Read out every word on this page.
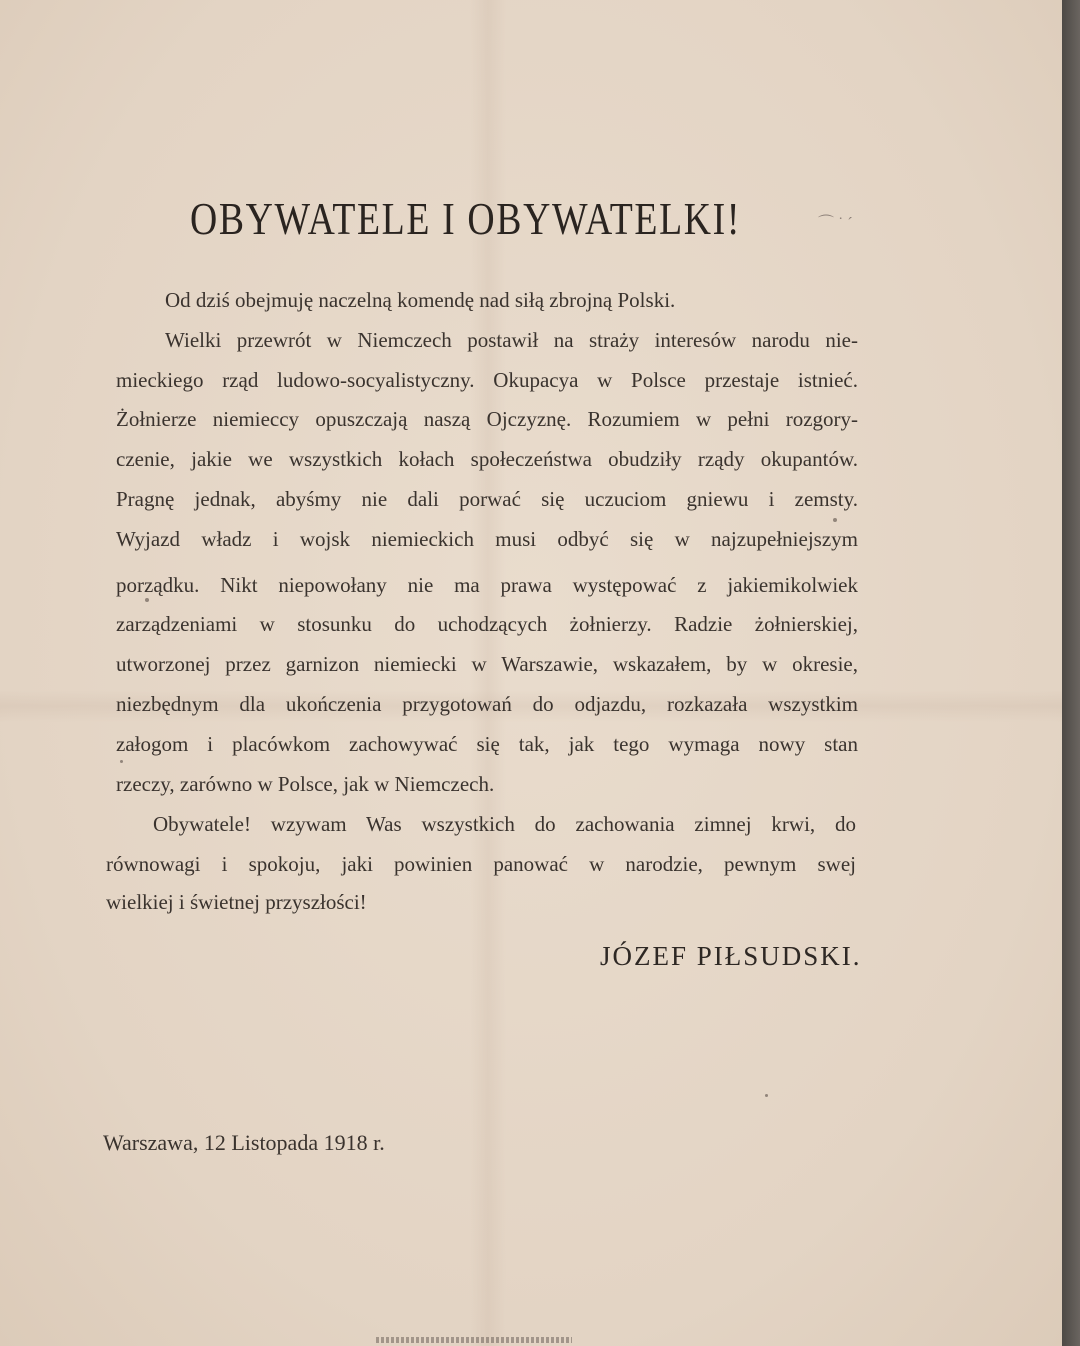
OBYWATELE I OBYWATELKI!	⌒ ˙ ´
Od dziś obejmuję naczelną komendę nad siłą zbrojną Polski.
Wielki przewrót w Niemczech postawił na straży interesów narodu nie-
mieckiego rząd ludowo-socyalistyczny. Okupacya w Polsce przestaje istnieć.
Żołnierze niemieccy opuszczają naszą Ojczyznę. Rozumiem w pełni rozgory-
czenie, jakie we wszystkich kołach społeczeństwa obudziły rządy okupantów.
Pragnę jednak, abyśmy nie dali porwać się uczuciom gniewu i zemsty.
Wyjazd władz i wojsk niemieckich musi odbyć się w najzupełniejszym
porządku. Nikt niepowołany nie ma prawa występować z jakiemikolwiek
zarządzeniami w stosunku do uchodzących żołnierzy. Radzie żołnierskiej,
utworzonej przez garnizon niemiecki w Warszawie, wskazałem, by w okresie,
niezbędnym dla ukończenia przygotowań do odjazdu, rozkazała wszystkim
załogom i placówkom zachowywać się tak, jak tego wymaga nowy stan
rzeczy, zarówno w Polsce, jak w Niemczech.
Obywatele! wzywam Was wszystkich do zachowania zimnej krwi, do
równowagi i spokoju, jaki powinien panować w narodzie, pewnym swej
wielkiej i świetnej przyszłości!
JÓZEF PIŁSUDSKI.
Warszawa, 12 Listopada 1918 r.
